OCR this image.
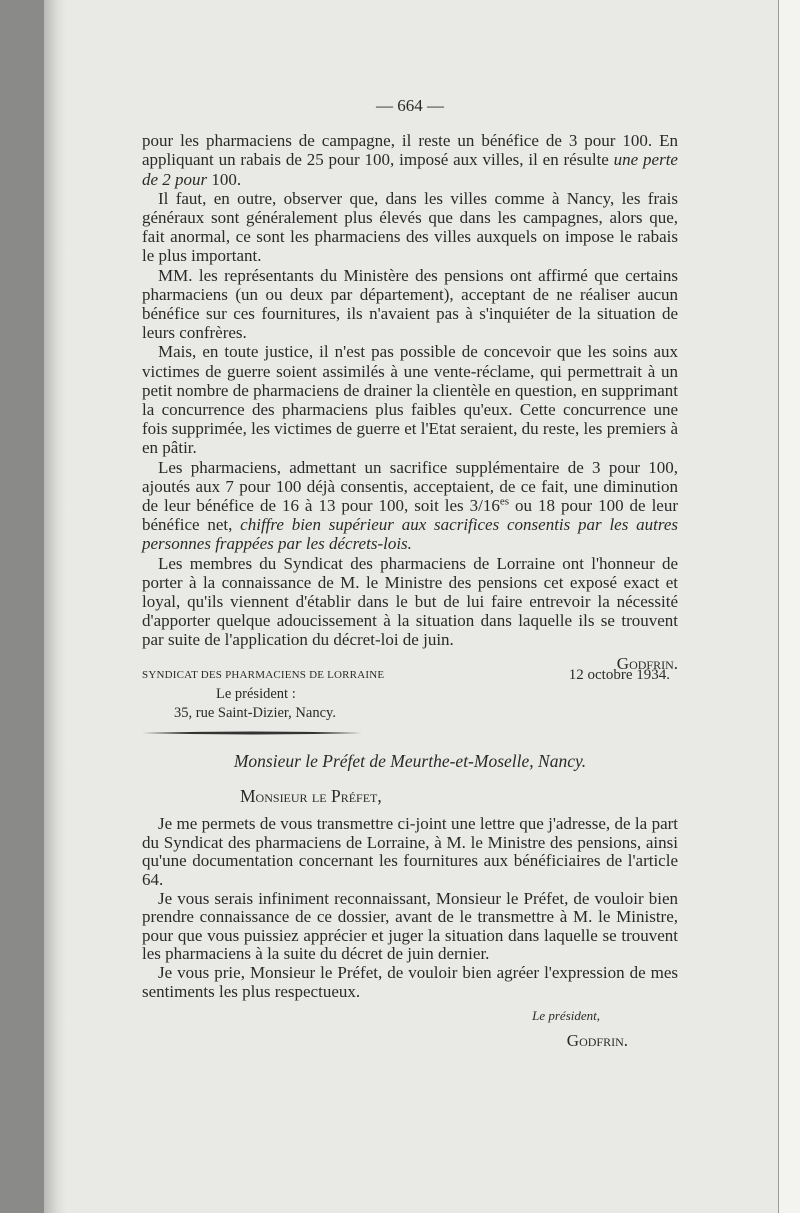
— 664 —

pour les pharmaciens de campagne, il reste un bénéfice de 3 pour 100. En appliquant un rabais de 25 pour 100, imposé aux villes, il en résulte une perte de 2 pour 100.

Il faut, en outre, observer que, dans les villes comme à Nancy, les frais généraux sont généralement plus élevés que dans les campagnes, alors que, fait anormal, ce sont les pharmaciens des villes auxquels on impose le rabais le plus important.

MM. les représentants du Ministère des pensions ont affirmé que certains pharmaciens (un ou deux par département), acceptant de ne réaliser aucun bénéfice sur ces fournitures, ils n'avaient pas à s'inquiéter de la situation de leurs confrères.

Mais, en toute justice, il n'est pas possible de concevoir que les soins aux victimes de guerre soient assimilés à une vente-réclame, qui permettrait à un petit nombre de pharmaciens de drainer la clientèle en question, en supprimant la concurrence des pharmaciens plus faibles qu'eux. Cette concurrence une fois supprimée, les victimes de guerre et l'Etat seraient, du reste, les premiers à en pâtir.

Les pharmaciens, admettant un sacrifice supplémentaire de 3 pour 100, ajoutés aux 7 pour 100 déjà consentis, acceptaient, de ce fait, une diminution de leur bénéfice de 16 à 13 pour 100, soit les $3/16^{es}$ ou 18 pour 100 de leur bénéfice net, chiffre bien supérieur aux sacrifices consentis par les autres personnes frappées par les décrets-lois.

Les membres du Syndicat des pharmaciens de Lorraine ont l'honneur de porter à la connaissance de M. le Ministre des pensions cet exposé exact et loyal, qu'ils viennent d'établir dans le but de lui faire entrevoir la nécessité d'apporter quelque adoucissement à la situation dans laquelle ils se trouvent par suite de l'application du décret-loi de juin.

Godfrin.
SYNDICAT DES PHARMACIENS DE LORRAINE	12 octobre 1934.
Le président :
35, rue Saint-Dizier, Nancy.
Monsieur le Préfet de Meurthe-et-Moselle, Nancy.
Monsieur le Préfet,

Je me permets de vous transmettre ci-joint une lettre que j'adresse, de la part du Syndicat des pharmaciens de Lorraine, à M. le Ministre des pensions, ainsi qu'une documentation concernant les fournitures aux bénéficiaires de l'article 64.

Je vous serais infiniment reconnaissant, Monsieur le Préfet, de vouloir bien prendre connaissance de ce dossier, avant de le transmettre à M. le Ministre, pour que vous puissiez apprécier et juger la situation dans laquelle se trouvent les pharmaciens à la suite du décret de juin dernier.

Je vous prie, Monsieur le Préfet, de vouloir bien agréer l'expression de mes sentiments les plus respectueux.

Le président,
Godfrin.
